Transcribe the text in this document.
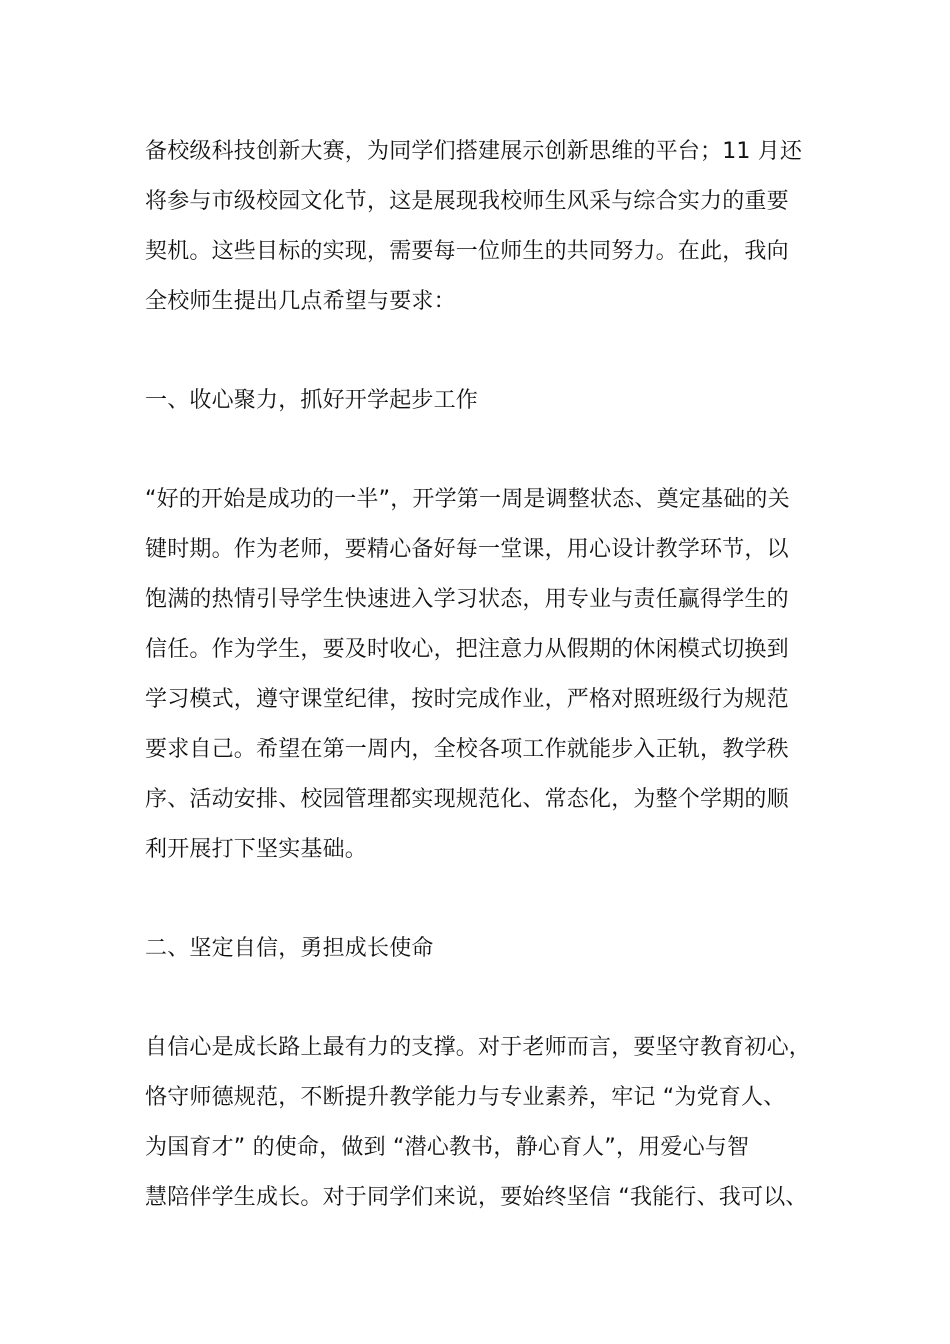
备校级科技创新大赛，为同学们搭建展示创新思维的平台；11 月还
将参与市级校园文化节，这是展现我校师生风采与综合实力的重要
契机。这些目标的实现，需要每一位师生的共同努力。在此，我向
全校师生提出几点希望与要求：
一、收心聚力，抓好开学起步工作
“好的开始是成功的一半”，开学第一周是调整状态、奠定基础的关
键时期。作为老师，要精心备好每一堂课，用心设计教学环节，以
饱满的热情引导学生快速进入学习状态，用专业与责任赢得学生的
信任。作为学生，要及时收心，把注意力从假期的休闲模式切换到
学习模式，遵守课堂纪律，按时完成作业，严格对照班级行为规范
要求自己。希望在第一周内，全校各项工作就能步入正轨，教学秩
序、活动安排、校园管理都实现规范化、常态化，为整个学期的顺
利开展打下坚实基础。
二、坚定自信，勇担成长使命
自信心是成长路上最有力的支撑。对于老师而言，要坚守教育初心，
恪守师德规范，不断提升教学能力与专业素养，牢记 “为党育人、
为国育才” 的使命，做到 “潜心教书，静心育人”，用爱心与智
慧陪伴学生成长。对于同学们来说，要始终坚信 “我能行、我可以、
